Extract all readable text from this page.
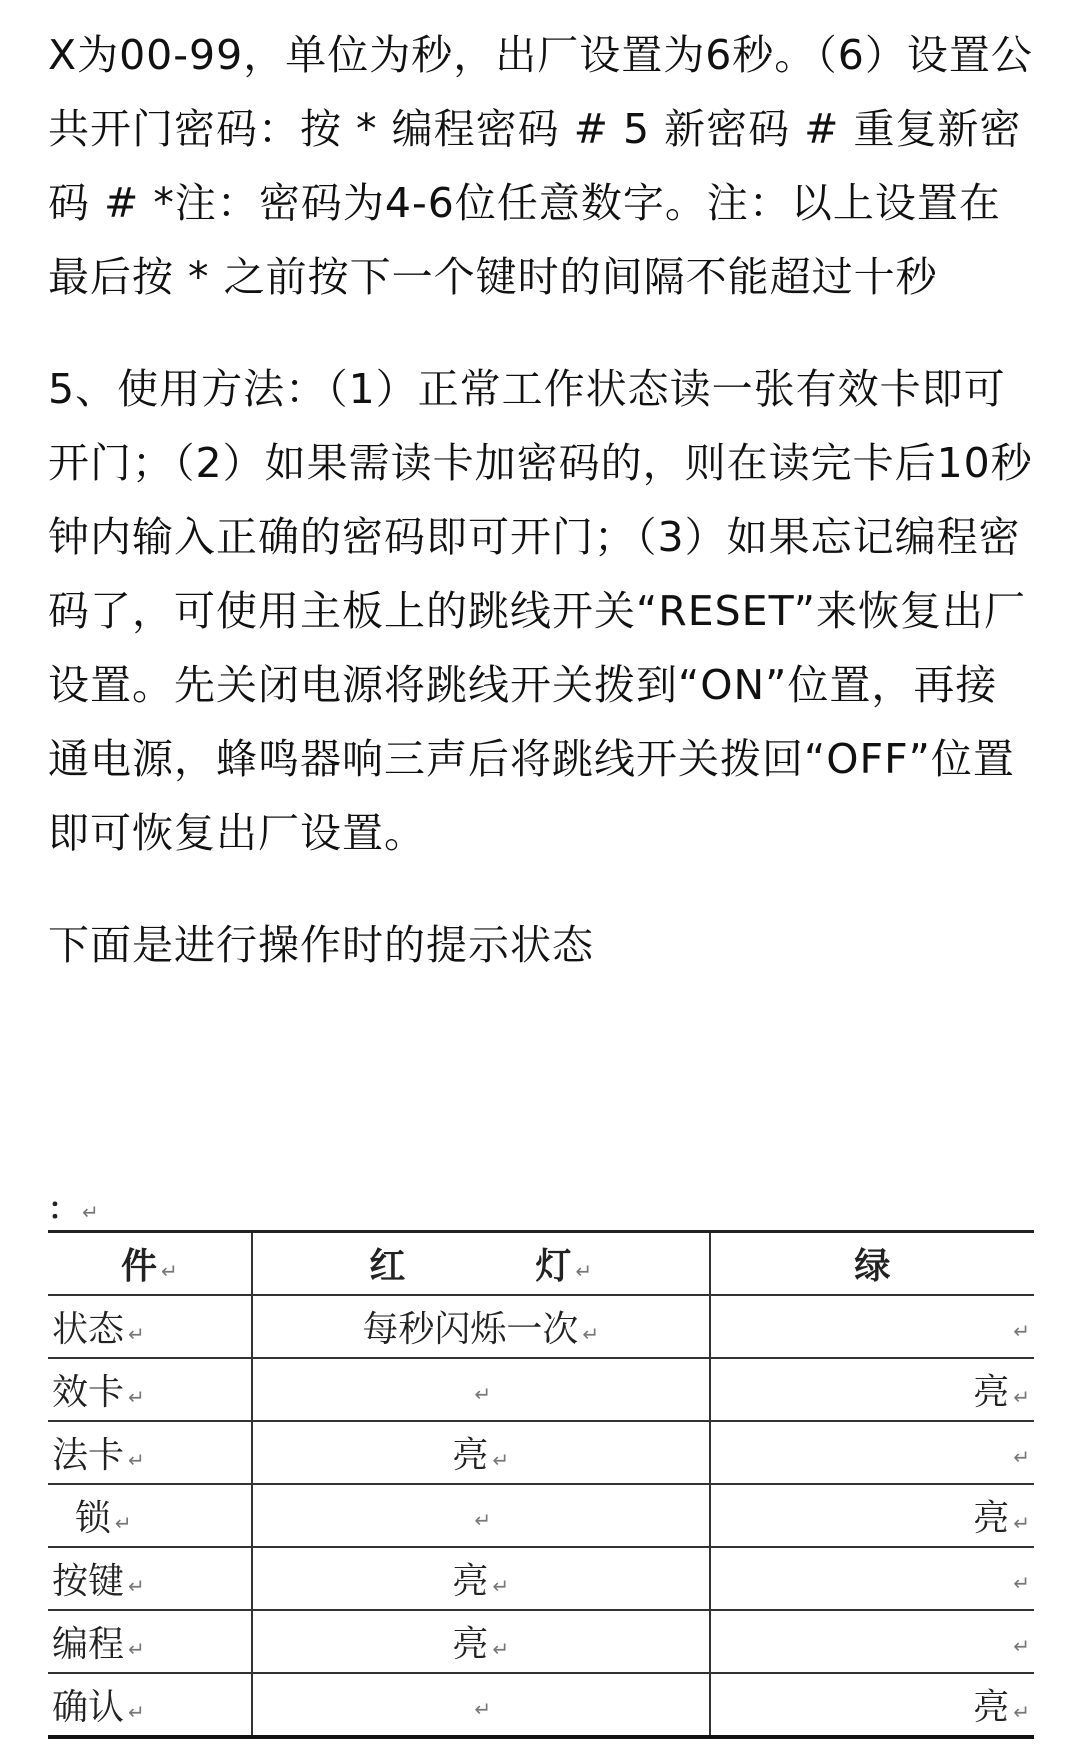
X为00-99，单位为秒，出厂设置为6秒。（6）设置公共开门密码：按 * 编程密码 # 5 新密码 # 重复新密码 # *注：密码为4-6位任意数字。注：以上设置在最后按 * 之前按下一个键时的间隔不能超过十秒

5、使用方法：（1）正常工作状态读一张有效卡即可开门；（2）如果需读卡加密码的，则在读完卡后10秒钟内输入正确的密码即可开门；（3）如果忘记编程密码了，可使用主板上的跳线开关“RESET”来恢复出厂设置。先关闭电源将跳线开关拨到“ON”位置，再接通电源，蜂鸣器响三声后将跳线开关拨回“OFF”位置即可恢复出厂设置。

下面是进行操作时的提示状态

： ↵
件 ↵	红 灯 ↵	绿
状态 ↵	每秒闪烁一次 ↵	↵
效卡 ↵	↵	亮 ↵
法卡 ↵	亮 ↵	↵
锁 ↵	↵	亮 ↵
按键 ↵	亮 ↵	↵
编程 ↵	亮 ↵	↵
确认 ↵	↵	亮 ↵
